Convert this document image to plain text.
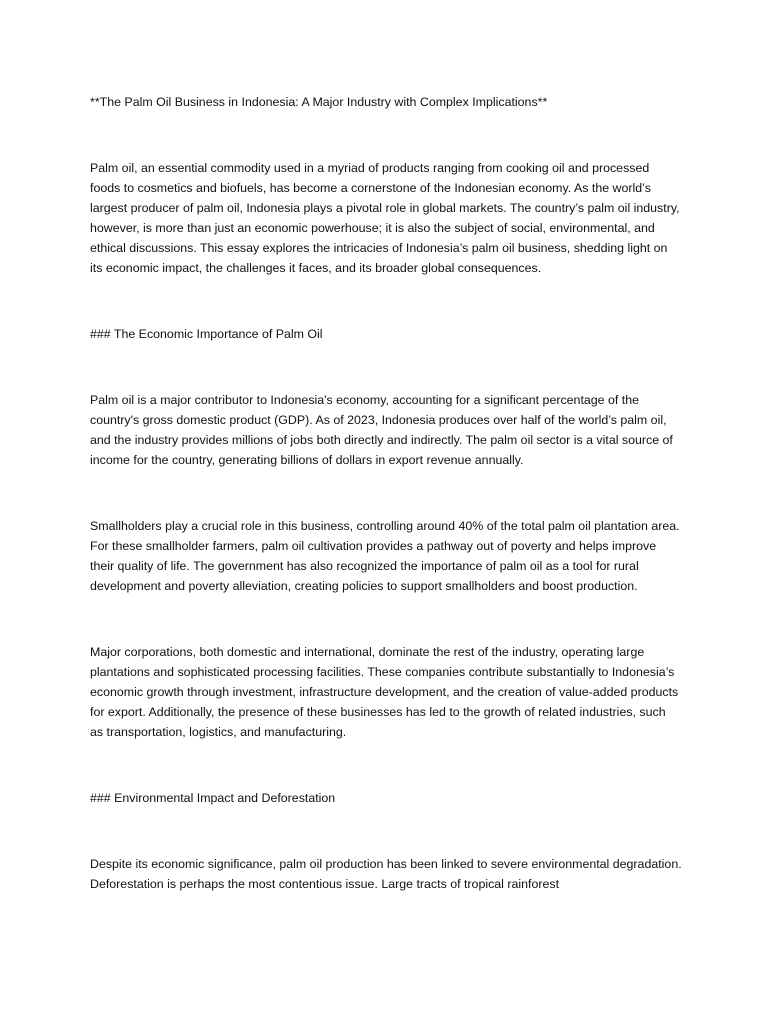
**The Palm Oil Business in Indonesia: A Major Industry with Complex Implications**

Palm oil, an essential commodity used in a myriad of products ranging from cooking oil and processed foods to cosmetics and biofuels, has become a cornerstone of the Indonesian economy. As the world’s largest producer of palm oil, Indonesia plays a pivotal role in global markets. The country’s palm oil industry, however, is more than just an economic powerhouse; it is also the subject of social, environmental, and ethical discussions. This essay explores the intricacies of Indonesia’s palm oil business, shedding light on its economic impact, the challenges it faces, and its broader global consequences.

### The Economic Importance of Palm Oil

Palm oil is a major contributor to Indonesia's economy, accounting for a significant percentage of the country's gross domestic product (GDP). As of 2023, Indonesia produces over half of the world’s palm oil, and the industry provides millions of jobs both directly and indirectly. The palm oil sector is a vital source of income for the country, generating billions of dollars in export revenue annually.

Smallholders play a crucial role in this business, controlling around 40% of the total palm oil plantation area. For these smallholder farmers, palm oil cultivation provides a pathway out of poverty and helps improve their quality of life. The government has also recognized the importance of palm oil as a tool for rural development and poverty alleviation, creating policies to support smallholders and boost production.

Major corporations, both domestic and international, dominate the rest of the industry, operating large plantations and sophisticated processing facilities. These companies contribute substantially to Indonesia’s economic growth through investment, infrastructure development, and the creation of value-added products for export. Additionally, the presence of these businesses has led to the growth of related industries, such as transportation, logistics, and manufacturing.

### Environmental Impact and Deforestation

Despite its economic significance, palm oil production has been linked to severe environmental degradation. Deforestation is perhaps the most contentious issue. Large tracts of tropical rainforest
